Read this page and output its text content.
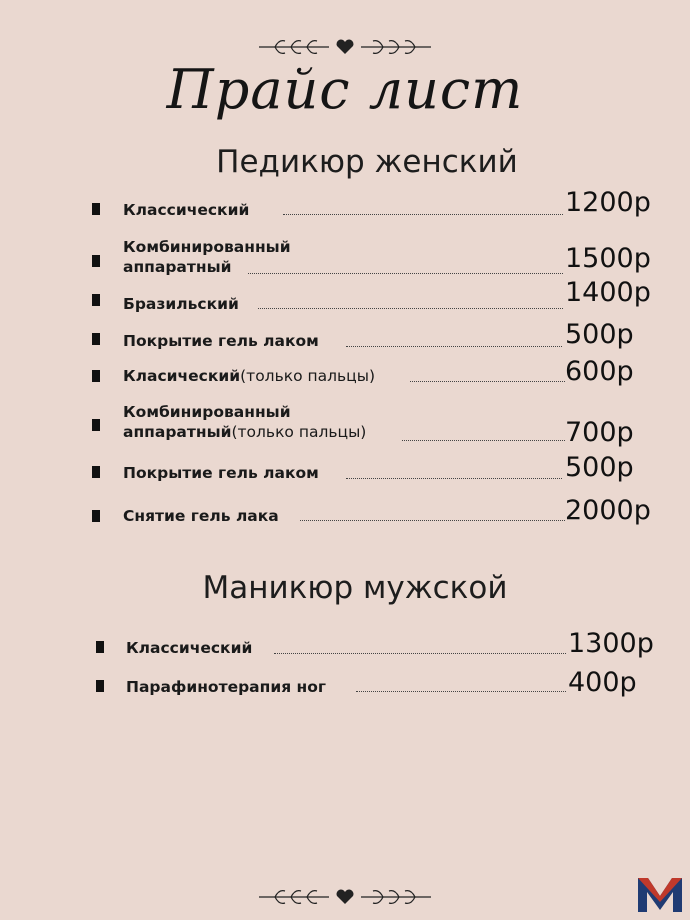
Прайс лист
Педикюр женский
Классический	1200р
Комбинированный
аппаратный	1500р
Бразильский	1400р
Покрытие гель лаком	500р
Класический(только пальцы)	600р
Комбинированный
аппаратный(только пальцы)	700р
Покрытие гель лаком	500р
Снятие гель лака	2000р
Маникюр мужской
Классический	1300р
Парафинотерапия ног	400р
